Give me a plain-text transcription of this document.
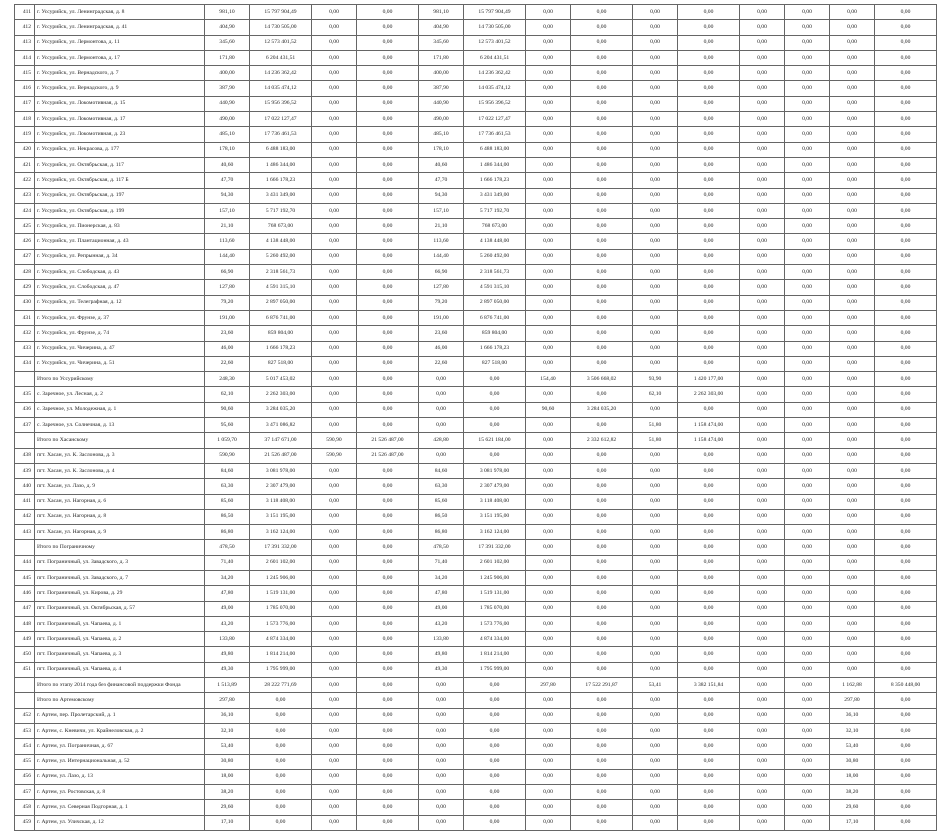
411	г. Уссурийск, ул. Ленинградская, д. 8	981,10	15 797 904,49	0,00	0,00	981,10	15 797 904,49	0,00	0,00	0,00	0,00	0,00	0,00	0,00	0,00
412	г. Уссурийск, ул. Ленинградская, д. 41	404,90	14 730 505,00	0,00	0,00	404,90	14 730 505,00	0,00	0,00	0,00	0,00	0,00	0,00	0,00	0,00
413	г. Уссурийск, ул. Лермонтова, д. 11	345,60	12 573 401,52	0,00	0,00	345,60	12 573 401,52	0,00	0,00	0,00	0,00	0,00	0,00	0,00	0,00
414	г. Уссурийск, ул. Лермонтова, д. 17	171,80	6 204 431,51	0,00	0,00	171,80	6 204 431,51	0,00	0,00	0,00	0,00	0,00	0,00	0,00	0,00
415	г. Уссурийск, ул. Вернадского, д. 7	400,00	14 236 362,42	0,00	0,00	400,00	14 236 362,42	0,00	0,00	0,00	0,00	0,00	0,00	0,00	0,00
416	г. Уссурийск, ул. Вернадского, д. 9	387,90	14 035 474,12	0,00	0,00	387,90	14 035 474,12	0,00	0,00	0,00	0,00	0,00	0,00	0,00	0,00
417	г. Уссурийск, ул. Локомотивная, д. 15	440,90	15 956 396,52	0,00	0,00	440,90	15 956 396,52	0,00	0,00	0,00	0,00	0,00	0,00	0,00	0,00
418	г. Уссурийск, ул. Локомотивная, д. 17	490,00	17 022 127,47	0,00	0,00	490,00	17 022 127,47	0,00	0,00	0,00	0,00	0,00	0,00	0,00	0,00
419	г. Уссурийск, ул. Локомотивная, д. 23	485,10	17 736 461,53	0,00	0,00	485,10	17 736 461,53	0,00	0,00	0,00	0,00	0,00	0,00	0,00	0,00
420	г. Уссурийск, ул. Некрасова, д. 177	178,10	6 488 183,00	0,00	0,00	178,10	6 488 183,00	0,00	0,00	0,00	0,00	0,00	0,00	0,00	0,00
421	г. Уссурийск, ул. Октябрьская, д. 117	40,60	1 486 344,00	0,00	0,00	40,60	1 486 344,00	0,00	0,00	0,00	0,00	0,00	0,00	0,00	0,00
422	г. Уссурийск, ул. Октябрьская, д. 117 Б	47,70	1 666 178,23	0,00	0,00	47,70	1 666 178,23	0,00	0,00	0,00	0,00	0,00	0,00	0,00	0,00
423	г. Уссурийск, ул. Октябрьская, д. 197	94,30	3 431 349,00	0,00	0,00	94,30	3 431 349,00	0,00	0,00	0,00	0,00	0,00	0,00	0,00	0,00
424	г. Уссурийск, ул. Октябрьская, д. 199	157,10	5 717 192,70	0,00	0,00	157,10	5 717 192,70	0,00	0,00	0,00	0,00	0,00	0,00	0,00	0,00
425	г. Уссурийск, ул. Пионерская, д. 83	21,10	768 673,00	0,00	0,00	21,10	768 673,00	0,00	0,00	0,00	0,00	0,00	0,00	0,00	0,00
426	г. Уссурийск, ул. Плантационная, д. 43	113,60	4 138 448,00	0,00	0,00	113,60	4 138 448,00	0,00	0,00	0,00	0,00	0,00	0,00	0,00	0,00
427	г. Уссурийск, ул. Репрынная, д. 34	144,40	5 260 492,00	0,00	0,00	144,40	5 260 492,00	0,00	0,00	0,00	0,00	0,00	0,00	0,00	0,00
428	г. Уссурийск, ул. Слободская, д. 43	66,90	2 318 561,73	0,00	0,00	66,90	2 318 561,73	0,00	0,00	0,00	0,00	0,00	0,00	0,00	0,00
429	г. Уссурийск, ул. Слободская, д. 47	127,80	4 591 315,10	0,00	0,00	127,80	4 591 315,10	0,00	0,00	0,00	0,00	0,00	0,00	0,00	0,00
430	г. Уссурийск, ул. Телеграфная, д. 12	79,20	2 897 050,00	0,00	0,00	79,20	2 897 050,00	0,00	0,00	0,00	0,00	0,00	0,00	0,00	0,00
431	г. Уссурийск, ул. Фрунзе, д. 37	191,00	6 876 741,00	0,00	0,00	191,00	6 876 741,00	0,00	0,00	0,00	0,00	0,00	0,00	0,00	0,00
432	г. Уссурийск, ул. Фрунзе, д. 74	23,60	859 804,00	0,00	0,00	23,60	859 804,00	0,00	0,00	0,00	0,00	0,00	0,00	0,00	0,00
433	г. Уссурийск, ул. Чичерина, д. 47	46,00	1 666 178,23	0,00	0,00	46,00	1 666 178,23	0,00	0,00	0,00	0,00	0,00	0,00	0,00	0,00
434	г. Уссурийск, ул. Чичерина, д. 51	22,60	827 518,00	0,00	0,00	22,60	827 518,00	0,00	0,00	0,00	0,00	0,00	0,00	0,00	0,00
	Итого по Уссурийскому	248,30	5 017 453,02	0,00	0,00	0,00	0,00	154,40	3 506 668,02	93,90	1 420 177,00	0,00	0,00	0,00	0,00
435	с. Заречное, ул. Лесная, д. 2	62,10	2 262 303,00	0,00	0,00	0,00	0,00	0,00	0,00	62,10	2 262 303,00	0,00	0,00	0,00	0,00
436	с. Заречное, ул. Молодежная, д. 1	90,60	3 284 035,20	0,00	0,00	0,00	0,00	90,60	3 284 035,20	0,00	0,00	0,00	0,00	0,00	0,00
437	с. Заречное, ул. Солнечная, д. 13	95,60	3 471 086,82	0,00	0,00	0,00	0,00	0,00	0,00	51,80	1 158 474,00	0,00	0,00	0,00	0,00
	Итого по Хасанскому	1 059,70	37 147 671,00	590,90	21 526 487,00	428,80	15 621 184,00	0,00	2 332 612,82	51,80	1 158 474,00	0,00	0,00	0,00	0,00
438	пгт. Хасан, ул. К. Заслонова, д. 3	590,90	21 526 487,00	590,90	21 526 487,00	0,00	0,00	0,00	0,00	0,00	0,00	0,00	0,00	0,00	0,00
439	пгт. Хасан, ул. К. Заслонова, д. 4	84,60	3 081 978,00	0,00	0,00	84,60	3 081 978,00	0,00	0,00	0,00	0,00	0,00	0,00	0,00	0,00
440	пгт. Хасан, ул. Лазо, д. 9	63,30	2 307 479,00	0,00	0,00	63,30	2 307 479,00	0,00	0,00	0,00	0,00	0,00	0,00	0,00	0,00
441	пгт. Хасан, ул. Нагорная, д. 6	85,60	3 118 408,00	0,00	0,00	85,60	3 118 408,00	0,00	0,00	0,00	0,00	0,00	0,00	0,00	0,00
442	пгт. Хасан, ул. Нагорная, д. 8	86,50	3 151 195,00	0,00	0,00	86,50	3 151 195,00	0,00	0,00	0,00	0,00	0,00	0,00	0,00	0,00
443	пгт. Хасан, ул. Нагорная, д. 9	86,80	3 162 124,00	0,00	0,00	86,80	3 162 124,00	0,00	0,00	0,00	0,00	0,00	0,00	0,00	0,00
	Итого по Пограничному	478,50	17 391 332,00	0,00	0,00	478,50	17 391 332,00	0,00	0,00	0,00	0,00	0,00	0,00	0,00	0,00
444	пгт. Пограничный, ул. Завадского, д. 3	71,40	2 601 102,00	0,00	0,00	71,40	2 601 102,00	0,00	0,00	0,00	0,00	0,00	0,00	0,00	0,00
445	пгт. Пограничный, ул. Завадского, д. 7	34,20	1 245 906,00	0,00	0,00	34,20	1 245 906,00	0,00	0,00	0,00	0,00	0,00	0,00	0,00	0,00
446	пгт. Пограничный, ул. Кирова, д. 29	47,80	1 519 131,00	0,00	0,00	47,80	1 519 131,00	0,00	0,00	0,00	0,00	0,00	0,00	0,00	0,00
447	пгт. Пограничный, ул. Октябрьская, д. 57	49,00	1 785 070,00	0,00	0,00	49,00	1 785 070,00	0,00	0,00	0,00	0,00	0,00	0,00	0,00	0,00
448	пгт. Пограничный, ул. Чапаева, д. 1	43,20	1 573 776,00	0,00	0,00	43,20	1 573 776,00	0,00	0,00	0,00	0,00	0,00	0,00	0,00	0,00
449	пгт. Пограничный, ул. Чапаева, д. 2	133,80	4 874 334,00	0,00	0,00	133,80	4 874 334,00	0,00	0,00	0,00	0,00	0,00	0,00	0,00	0,00
450	пгт. Пограничный, ул. Чапаева, д. 3	49,80	1 814 214,00	0,00	0,00	49,80	1 814 214,00	0,00	0,00	0,00	0,00	0,00	0,00	0,00	0,00
451	пгт. Пограничный, ул. Чапаева, д. 4	49,30	1 795 999,00	0,00	0,00	49,30	1 795 999,00	0,00	0,00	0,00	0,00	0,00	0,00	0,00	0,00
	Итого по этапу 2014 года без финансовой поддержки Фонда	1 513,89	28 222 771,69	0,00	0,00	0,00	0,00	297,80	17 522 291,87	53,41	3 382 151,84	0,00	0,00	1 162,88	8 350 448,00
	Итого по Артемовскому	297,80	0,00	0,00	0,00	0,00	0,00	0,00	0,00	0,00	0,00	0,00	0,00	297,80	0,00
452	г. Артем, пер. Пролетарский, д. 1	36,10	0,00	0,00	0,00	0,00	0,00	0,00	0,00	0,00	0,00	0,00	0,00	36,10	0,00
453	г. Артем, с. Кневичи, ул. Крайнеловская, д. 2	32,10	0,00	0,00	0,00	0,00	0,00	0,00	0,00	0,00	0,00	0,00	0,00	32,10	0,00
454	г. Артем, ул. Пограничная, д. 67	53,40	0,00	0,00	0,00	0,00	0,00	0,00	0,00	0,00	0,00	0,00	0,00	53,40	0,00
455	г. Артем, ул. Интернациональная, д. 52	30,80	0,00	0,00	0,00	0,00	0,00	0,00	0,00	0,00	0,00	0,00	0,00	30,80	0,00
456	г. Артем, ул. Лазо, д. 13	18,00	0,00	0,00	0,00	0,00	0,00	0,00	0,00	0,00	0,00	0,00	0,00	18,00	0,00
457	г. Артем, ул. Ростовская, д. 8	38,20	0,00	0,00	0,00	0,00	0,00	0,00	0,00	0,00	0,00	0,00	0,00	38,20	0,00
458	г. Артем, ул. Северная Подгорная, д. 1	29,60	0,00	0,00	0,00	0,00	0,00	0,00	0,00	0,00	0,00	0,00	0,00	29,60	0,00
459	г. Артем, ул. Уличская, д. 12	17,10	0,00	0,00	0,00	0,00	0,00	0,00	0,00	0,00	0,00	0,00	0,00	17,10	0,00
